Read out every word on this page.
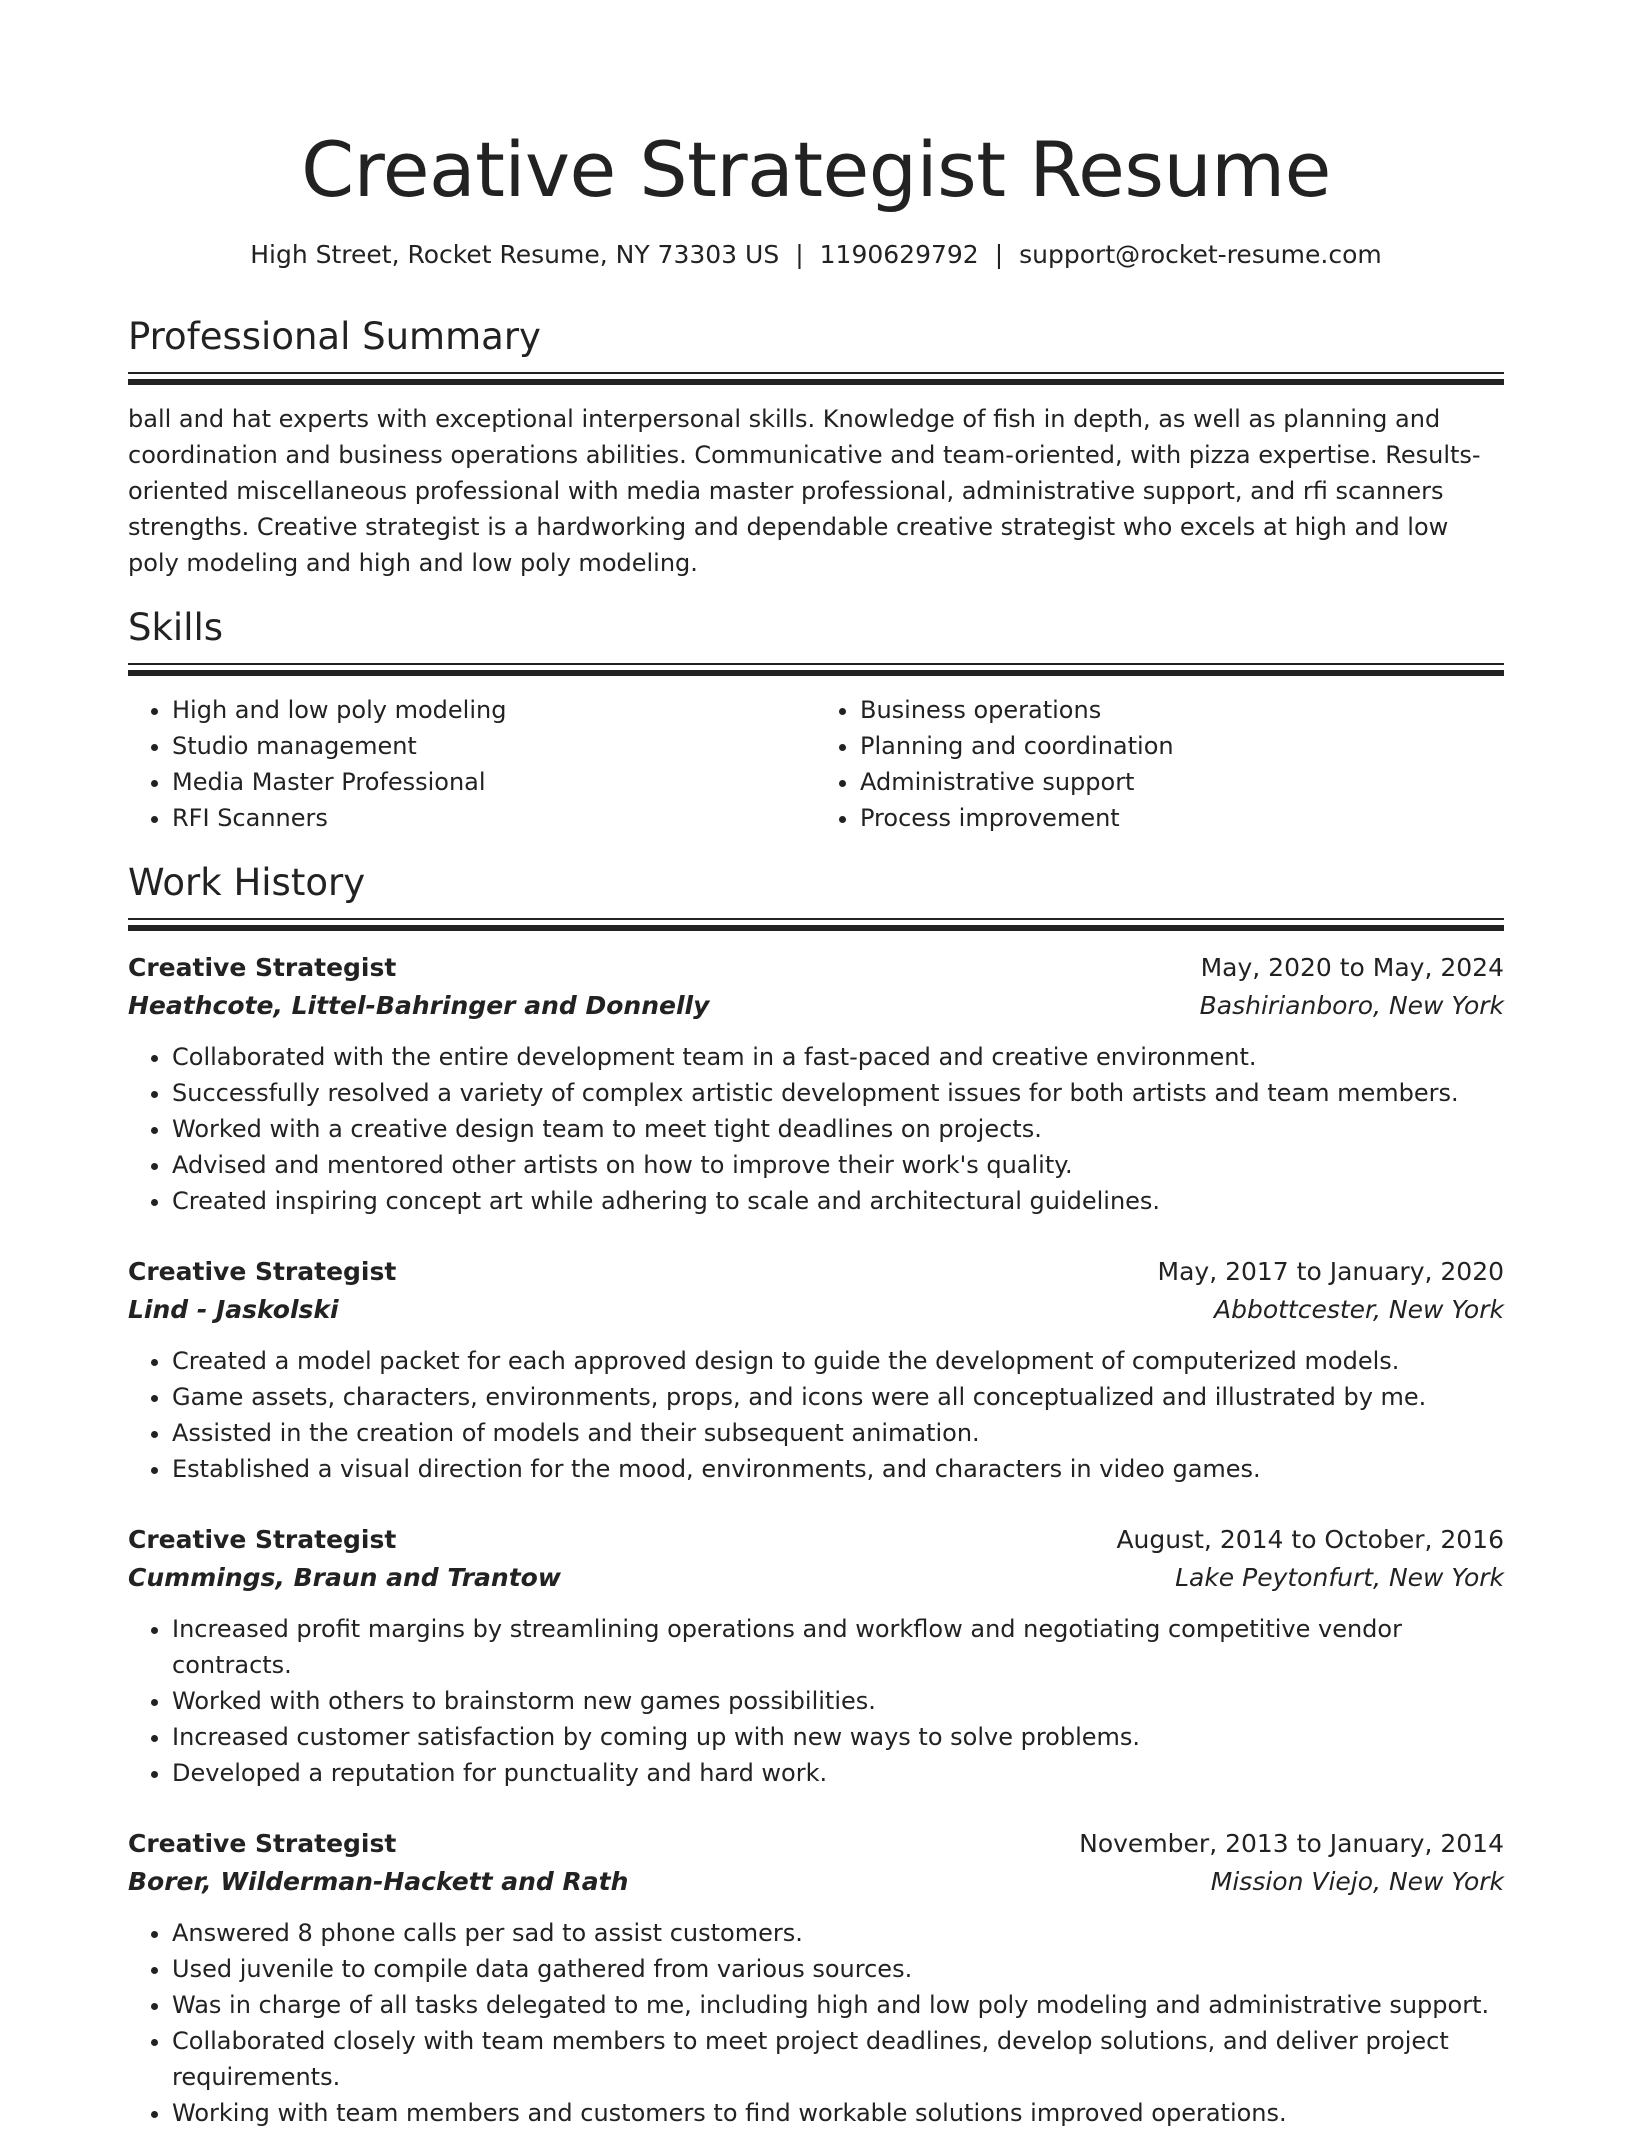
Creative Strategist Resume
High Street, Rocket Resume, NY 73303 US | 1190629792 | support@rocket-resume.com
Professional Summary

ball and hat experts with exceptional interpersonal skills. Knowledge of fish in depth, as well as planning and coordination and business operations abilities. Communicative and team-oriented, with pizza expertise. Results-oriented miscellaneous professional with media master professional, administrative support, and rfi scanners strengths. Creative strategist is a hardworking and dependable creative strategist who excels at high and low poly modeling and high and low poly modeling.

Skills
• High and low poly modeling
• Studio management
• Media Master Professional
• RFI Scanners
• Business operations
• Planning and coordination
• Administrative support
• Process improvement
Work History
Creative Strategist	May, 2020 to May, 2024
Heathcote, Littel-Bahringer and Donnelly	Bashirianboro, New York
• Collaborated with the entire development team in a fast-paced and creative environment.
• Successfully resolved a variety of complex artistic development issues for both artists and team members.
• Worked with a creative design team to meet tight deadlines on projects.
• Advised and mentored other artists on how to improve their work's quality.
• Created inspiring concept art while adhering to scale and architectural guidelines.
Creative Strategist	May, 2017 to January, 2020
Lind - Jaskolski	Abbottcester, New York
• Created a model packet for each approved design to guide the development of computerized models.
• Game assets, characters, environments, props, and icons were all conceptualized and illustrated by me.
• Assisted in the creation of models and their subsequent animation.
• Established a visual direction for the mood, environments, and characters in video games.
Creative Strategist	August, 2014 to October, 2016
Cummings, Braun and Trantow	Lake Peytonfurt, New York
• Increased profit margins by streamlining operations and workflow and negotiating competitive vendor contracts.
• Worked with others to brainstorm new games possibilities.
• Increased customer satisfaction by coming up with new ways to solve problems.
• Developed a reputation for punctuality and hard work.
Creative Strategist	November, 2013 to January, 2014
Borer, Wilderman-Hackett and Rath	Mission Viejo, New York
• Answered 8 phone calls per sad to assist customers.
• Used juvenile to compile data gathered from various sources.
• Was in charge of all tasks delegated to me, including high and low poly modeling and administrative support.
• Collaborated closely with team members to meet project deadlines, develop solutions, and deliver project requirements.
• Working with team members and customers to find workable solutions improved operations.
